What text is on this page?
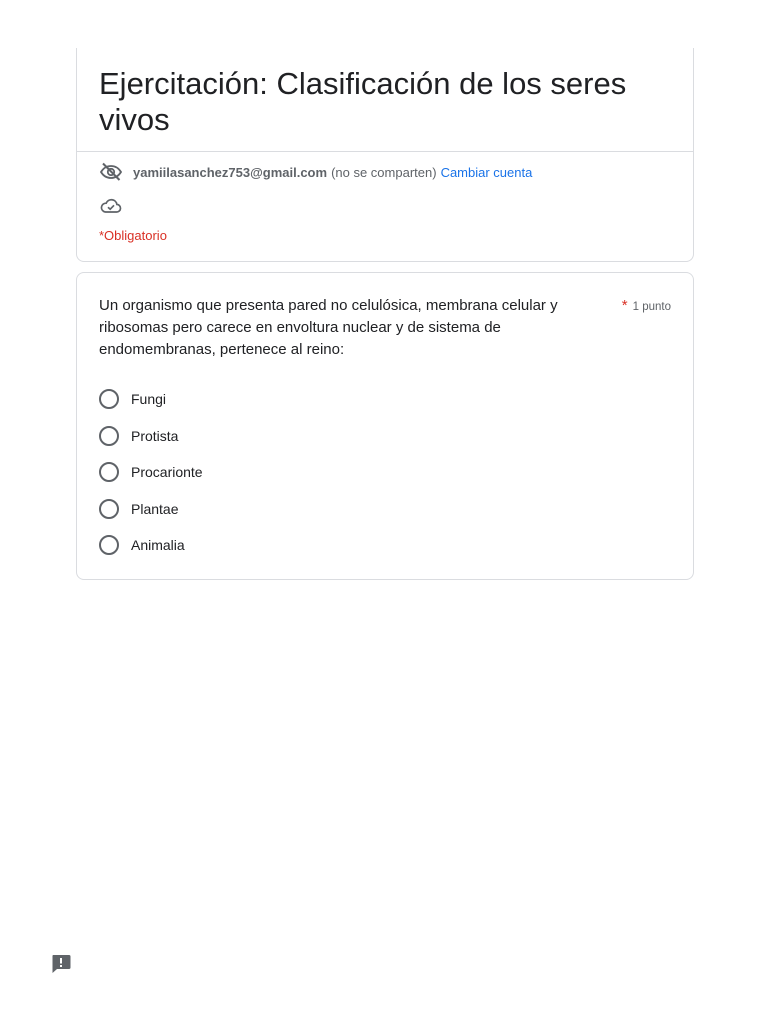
Ejercitación: Clasificación de los seres vivos
yamiilasanchez753@gmail.com (no se comparten) Cambiar cuenta
*Obligatorio
Un organismo que presenta pared no celulósica, membrana celular y ribosomas pero carece en envoltura nuclear y de sistema de endomembranas, pertenece al reino:
* 1 punto
Fungi
Protista
Procarionte
Plantae
Animalia
